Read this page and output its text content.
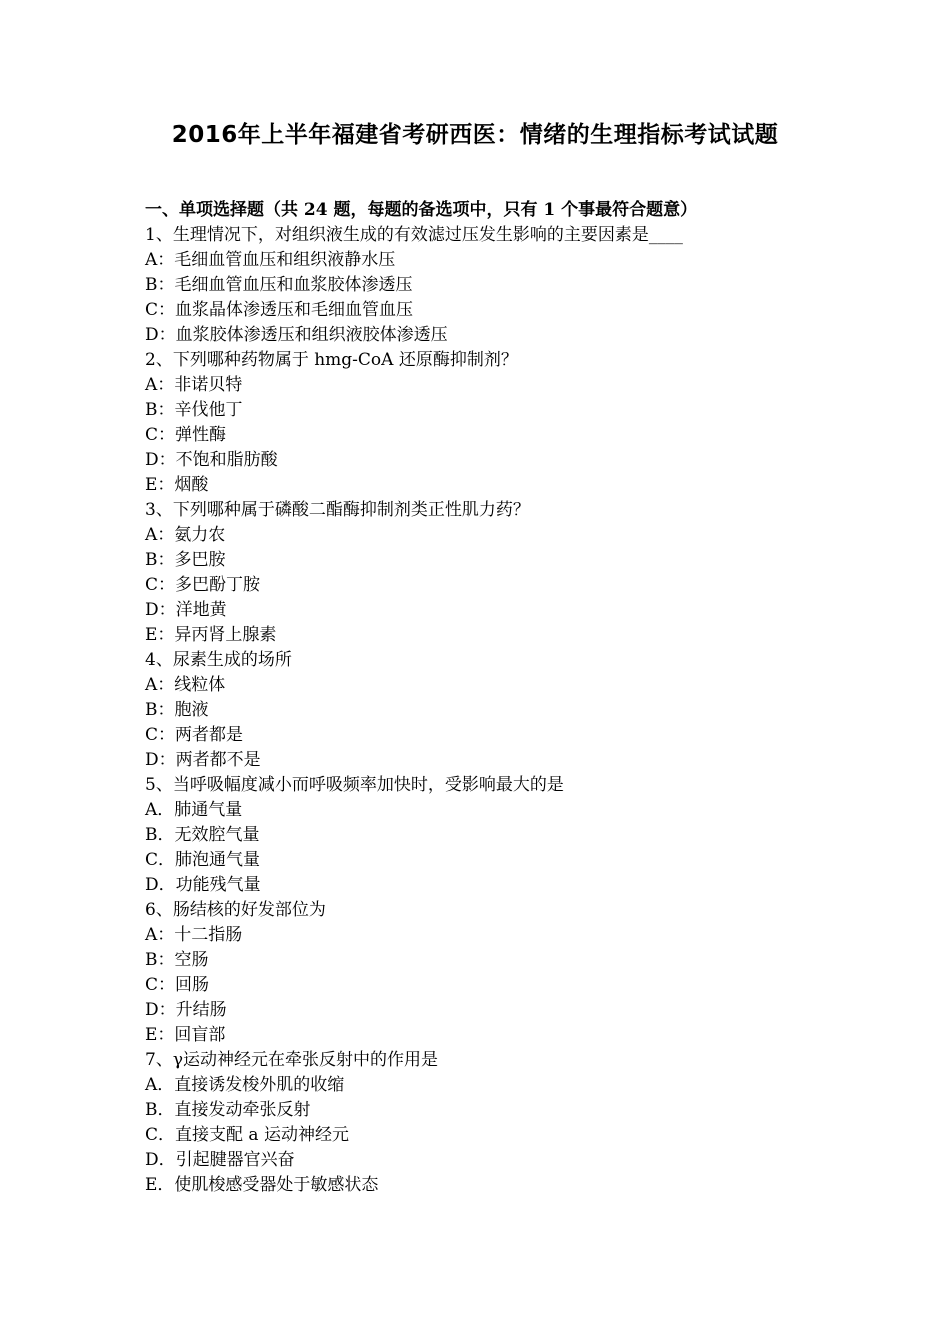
2016年上半年福建省考研西医：情绪的生理指标考试试题
一、单项选择题（共 24 题，每题的备选项中，只有 1 个事最符合题意）
1、生理情况下，对组织液生成的有效滤过压发生影响的主要因素是____
A：毛细血管血压和组织液静水压
B：毛细血管血压和血浆胶体渗透压
C：血浆晶体渗透压和毛细血管血压
D：血浆胶体渗透压和组织液胶体渗透压
2、下列哪种药物属于 hmg-CoA 还原酶抑制剂？
A：非诺贝特
B：辛伐他丁
C：弹性酶
D：不饱和脂肪酸
E：烟酸
3、下列哪种属于磷酸二酯酶抑制剂类正性肌力药？
A：氨力农
B：多巴胺
C：多巴酚丁胺
D：洋地黄
E：异丙肾上腺素
4、尿素生成的场所
A：线粒体
B：胞液
C：两者都是
D：两者都不是
5、当呼吸幅度减小而呼吸频率加快时，受影响最大的是
A．肺通气量
B．无效腔气量
C．肺泡通气量
D．功能残气量
6、肠结核的好发部位为
A：十二指肠
B：空肠
C：回肠
D：升结肠
E：回盲部
7、γ运动神经元在牵张反射中的作用是
A．直接诱发梭外肌的收缩
B．直接发动牵张反射
C．直接支配 a 运动神经元
D．引起腱器官兴奋
E．使肌梭感受器处于敏感状态
